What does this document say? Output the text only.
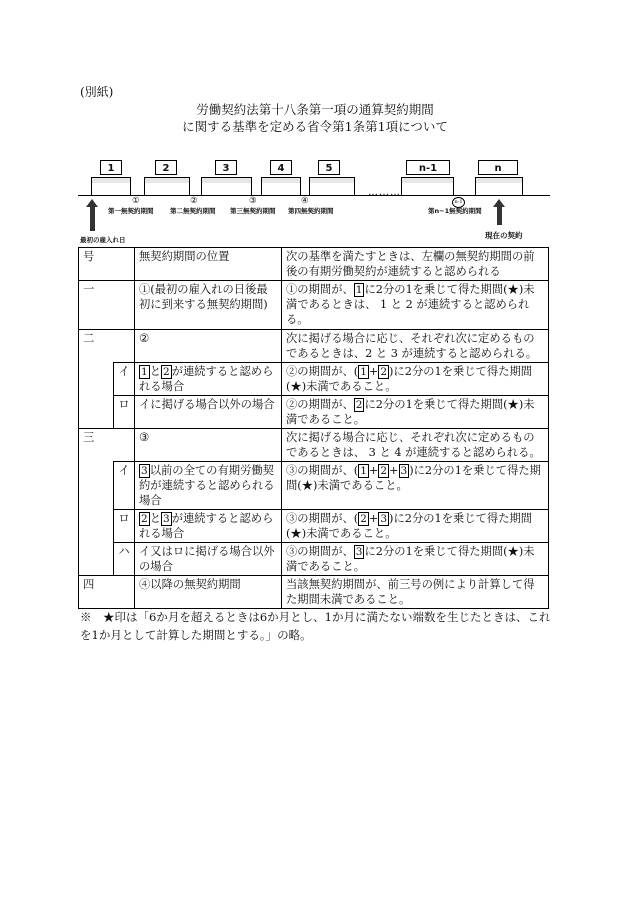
(別紙)
労働契約法第十八条第一項の通算契約期間
に関する基準を定める省令第1条第1項について
1	2	3	4	5	n-1	n
………
①	②	③	④	n-1
第一無契約期間	第二無契約期間 第三無契約期間 第四無契約期間	第n−1無契約期間
最初の雇入れ日	現在の契約
号		無契約期間の位置	次の基準を満たすときは、左欄の無契約期間の前後の有期労働契約が連続すると認められる
一		①(最初の雇入れの日後最初に到来する無契約期間)	①の期間が、 1 に2分の1を乗じて得た期間(★)未満であるときは、 1 と 2 が連続すると認められる。
二		②	次に掲げる場合に応じ、それぞれ次に定めるものであるときは、2 と 3 が連続すると認められる。
	イ	1 と 2 が連続すると認められる場合	②の期間が、( 1 + 2 )に2分の1を乗じて得た期間(★)未満であること。
	ロ	イに掲げる場合以外の場合	②の期間が、 2 に2分の1を乗じて得た期間(★)未満であること。
三		③	次に掲げる場合に応じ、それぞれ次に定めるものであるときは、 3 と 4 が連続すると認められる。
	イ	3 以前の全ての有期労働契約が連続すると認められる場合	③の期間が、( 1 + 2 + 3 )に2分の1を乗じて得た期間(★)未満であること。
	ロ	2 と 3 が連続すると認められる場合	③の期間が、( 2 + 3 )に2分の1を乗じて得た期間(★)未満であること。
	ハ	イ又はロに掲げる場合以外の場合	③の期間が、 3 に2分の1を乗じて得た期間(★)未満であること。
四		④以降の無契約期間	当該無契約期間が、前三号の例により計算して得た期間未満であること。
※　★印は「6か月を超えるときは6か月とし、1か月に満たない端数を生じたときは、これを1か月として計算した期間とする。」の略。
